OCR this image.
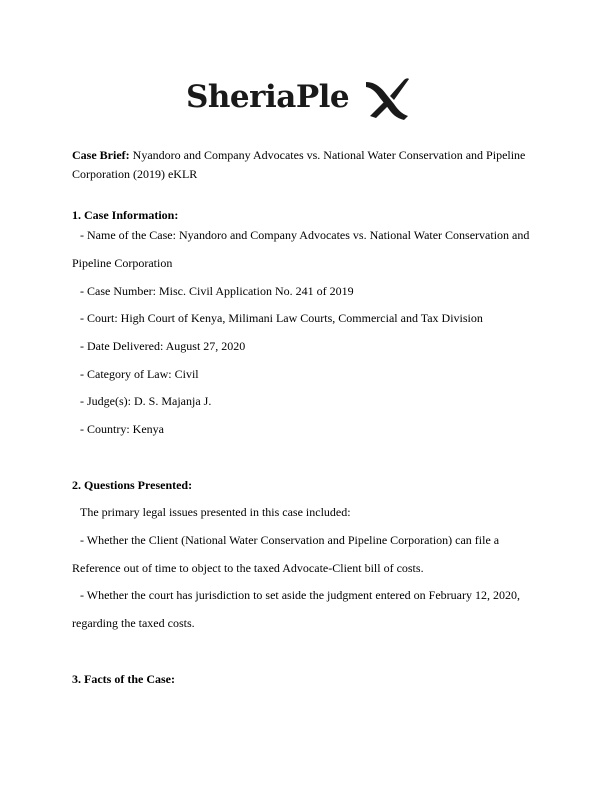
SheriaPle
Case Brief: Nyandoro and Company Advocates vs. National Water Conservation and Pipeline
Corporation (2019) eKLR
1. Case Information:
- Name of the Case: Nyandoro and Company Advocates vs. National Water Conservation and
Pipeline Corporation
- Case Number: Misc. Civil Application No. 241 of 2019
- Court: High Court of Kenya, Milimani Law Courts, Commercial and Tax Division
- Date Delivered: August 27, 2020
- Category of Law: Civil
- Judge(s): D. S. Majanja J.
- Country: Kenya
2. Questions Presented:
The primary legal issues presented in this case included:
- Whether the Client (National Water Conservation and Pipeline Corporation) can file a
Reference out of time to object to the taxed Advocate-Client bill of costs.
- Whether the court has jurisdiction to set aside the judgment entered on February 12, 2020,
regarding the taxed costs.
3. Facts of the Case:
